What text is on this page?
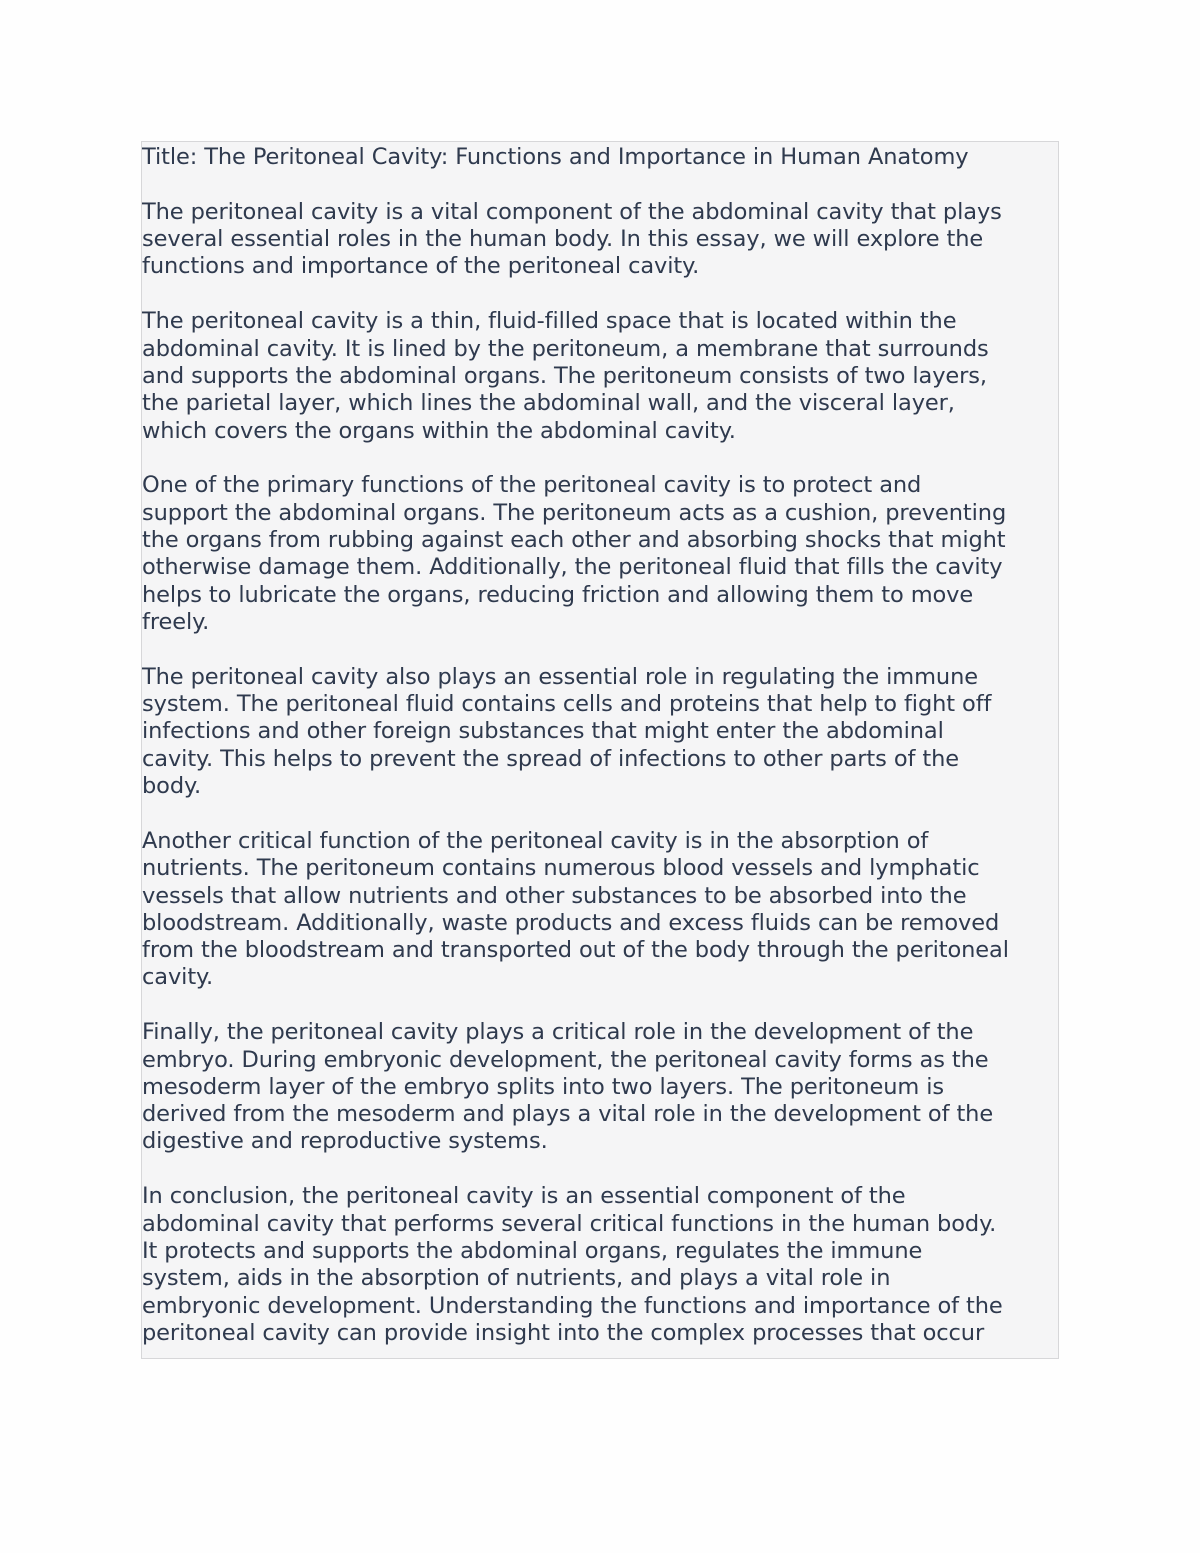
Title: The Peritoneal Cavity: Functions and Importance in Human Anatomy

The peritoneal cavity is a vital component of the abdominal cavity that plays
several essential roles in the human body. In this essay, we will explore the
functions and importance of the peritoneal cavity.

The peritoneal cavity is a thin, fluid-filled space that is located within the
abdominal cavity. It is lined by the peritoneum, a membrane that surrounds
and supports the abdominal organs. The peritoneum consists of two layers,
the parietal layer, which lines the abdominal wall, and the visceral layer,
which covers the organs within the abdominal cavity.

One of the primary functions of the peritoneal cavity is to protect and
support the abdominal organs. The peritoneum acts as a cushion, preventing
the organs from rubbing against each other and absorbing shocks that might
otherwise damage them. Additionally, the peritoneal fluid that fills the cavity
helps to lubricate the organs, reducing friction and allowing them to move
freely.

The peritoneal cavity also plays an essential role in regulating the immune
system. The peritoneal fluid contains cells and proteins that help to fight off
infections and other foreign substances that might enter the abdominal
cavity. This helps to prevent the spread of infections to other parts of the
body.

Another critical function of the peritoneal cavity is in the absorption of
nutrients. The peritoneum contains numerous blood vessels and lymphatic
vessels that allow nutrients and other substances to be absorbed into the
bloodstream. Additionally, waste products and excess fluids can be removed
from the bloodstream and transported out of the body through the peritoneal
cavity.

Finally, the peritoneal cavity plays a critical role in the development of the
embryo. During embryonic development, the peritoneal cavity forms as the
mesoderm layer of the embryo splits into two layers. The peritoneum is
derived from the mesoderm and plays a vital role in the development of the
digestive and reproductive systems.

In conclusion, the peritoneal cavity is an essential component of the
abdominal cavity that performs several critical functions in the human body.
It protects and supports the abdominal organs, regulates the immune
system, aids in the absorption of nutrients, and plays a vital role in
embryonic development. Understanding the functions and importance of the
peritoneal cavity can provide insight into the complex processes that occur
